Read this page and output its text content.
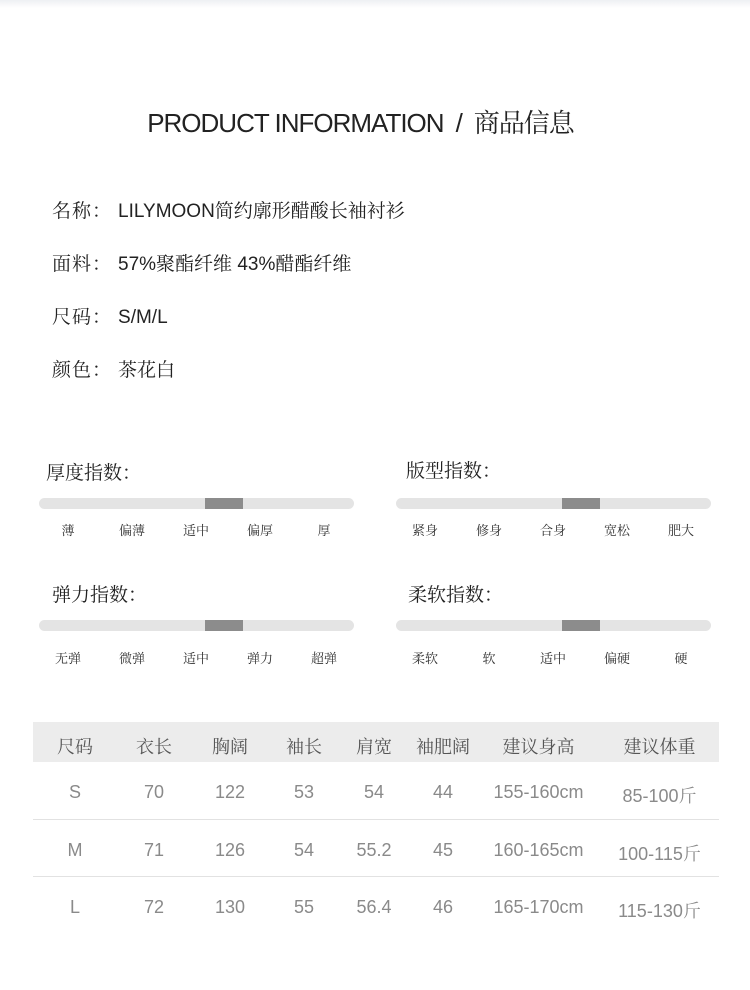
PRODUCT INFORMATION / 商品信息
名称： LILYMOON简约廓形醋酸长袖衬衫
面料： 57%聚酯纤维 43%醋酯纤维
尺码： S/M/L
颜色： 茶花白
厚度指数：
薄	偏薄	适中	偏厚	厚
版型指数：
紧身	修身	合身	宽松	肥大
弹力指数：
无弹	微弹	适中	弹力	超弹
柔软指数：
柔软	软	适中	偏硬	硬
尺码	衣长	胸阔	袖长	肩宽	袖肥阔	建议身高	建议体重
S	70	122	53	54	44	155-160cm	85-100斤
M	71	126	54	55.2	45	160-165cm	100-115斤
L	72	130	55	56.4	46	165-170cm	115-130斤
